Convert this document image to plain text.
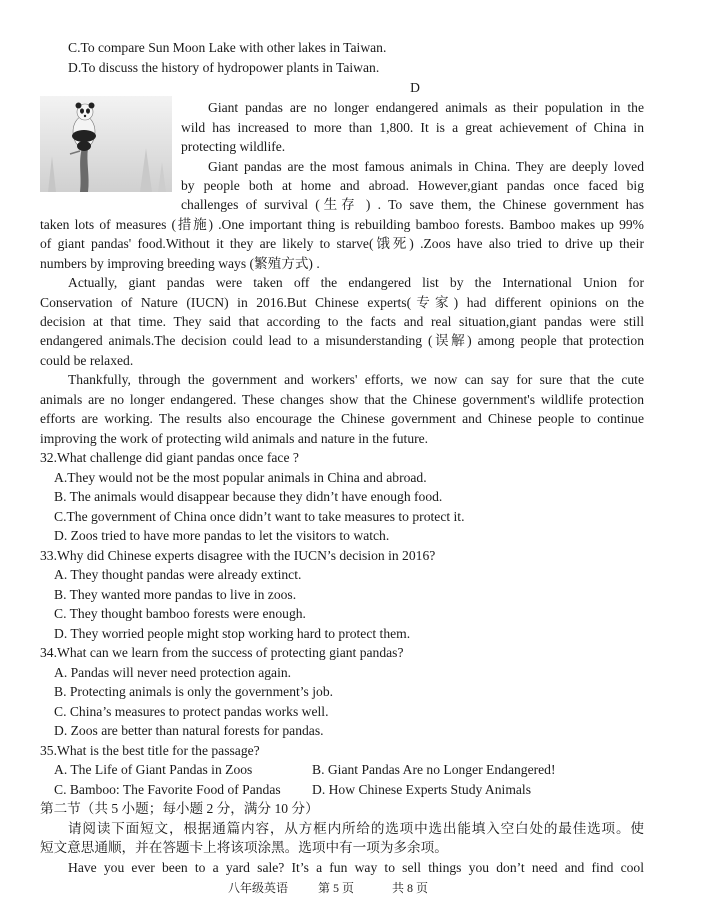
C.To compare Sun Moon Lake with other lakes in Taiwan.
D.To discuss the history of hydropower plants in Taiwan.
D
Giant pandas are no longer endangered animals as their population in the
wild has increased to more than 1,800. It is a great achievement of China in
protecting wildlife.
Giant pandas are the most famous animals in China. They are deeply loved
by people both at home and abroad. However,giant pandas once faced big
challenges of survival (生存 ) . To save them, the Chinese government has
taken lots of measures (措施) .One important thing is rebuilding bamboo forests. Bamboo makes up 99%
of giant pandas' food.Without it they are likely to starve(饿死) .Zoos have also tried to drive up their
numbers by improving breeding ways (繁殖方式) .
Actually, giant pandas were taken off the endangered list by the International Union for
Conservation of Nature (IUCN) in 2016.But Chinese experts(专家) had different opinions on the
decision at that time. They said that according to the facts and real situation,giant pandas were still
endangered animals.The decision could lead to a misunderstanding (误解) among people that protection
could be relaxed.
Thankfully, through the government and workers' efforts, we now can say for sure that the cute
animals are no longer endangered. These changes show that the Chinese government's wildlife protection
efforts are working. The results also encourage the Chinese government and Chinese people to continue
improving the work of protecting wild animals and nature in the future.
32.What challenge did giant pandas once face ?
A.They would not be the most popular animals in China and abroad.
B. The animals would disappear because they didn’t have enough food.
C.The government of China once didn’t want to take measures to protect it.
D. Zoos tried to have more pandas to let the visitors to watch.
33.Why did Chinese experts disagree with the IUCN’s decision in 2016?
A. They thought pandas were already extinct.
B. They wanted more pandas to live in zoos.
C. They thought bamboo forests were enough.
D. They worried people might stop working hard to protect them.
34.What can we learn from the success of protecting giant pandas?
A. Pandas will never need protection again.
B. Protecting animals is only the government’s job.
C. China’s measures to protect pandas works well.
D. Zoos are better than natural forests for pandas.
35.What is the best title for the passage?
A. The Life of Giant Pandas in Zoos	B. Giant Pandas Are no Longer Endangered!
C. Bamboo: The Favorite Food of Pandas D. How Chinese Experts Study Animals
第二节（共 5 小题；每小题 2 分，满分 10 分）
请阅读下面短文，根据通篇内容，从方框内所给的选项中选出能填入空白处的最佳选项。使
短文意思通顺，并在答题卡上将该项涂黑。选项中有一项为多余项。
Have you ever been to a yard sale? It’s a fun way to sell things you don’t need and find cool
八年级英语 第 5 页	共 8 页
